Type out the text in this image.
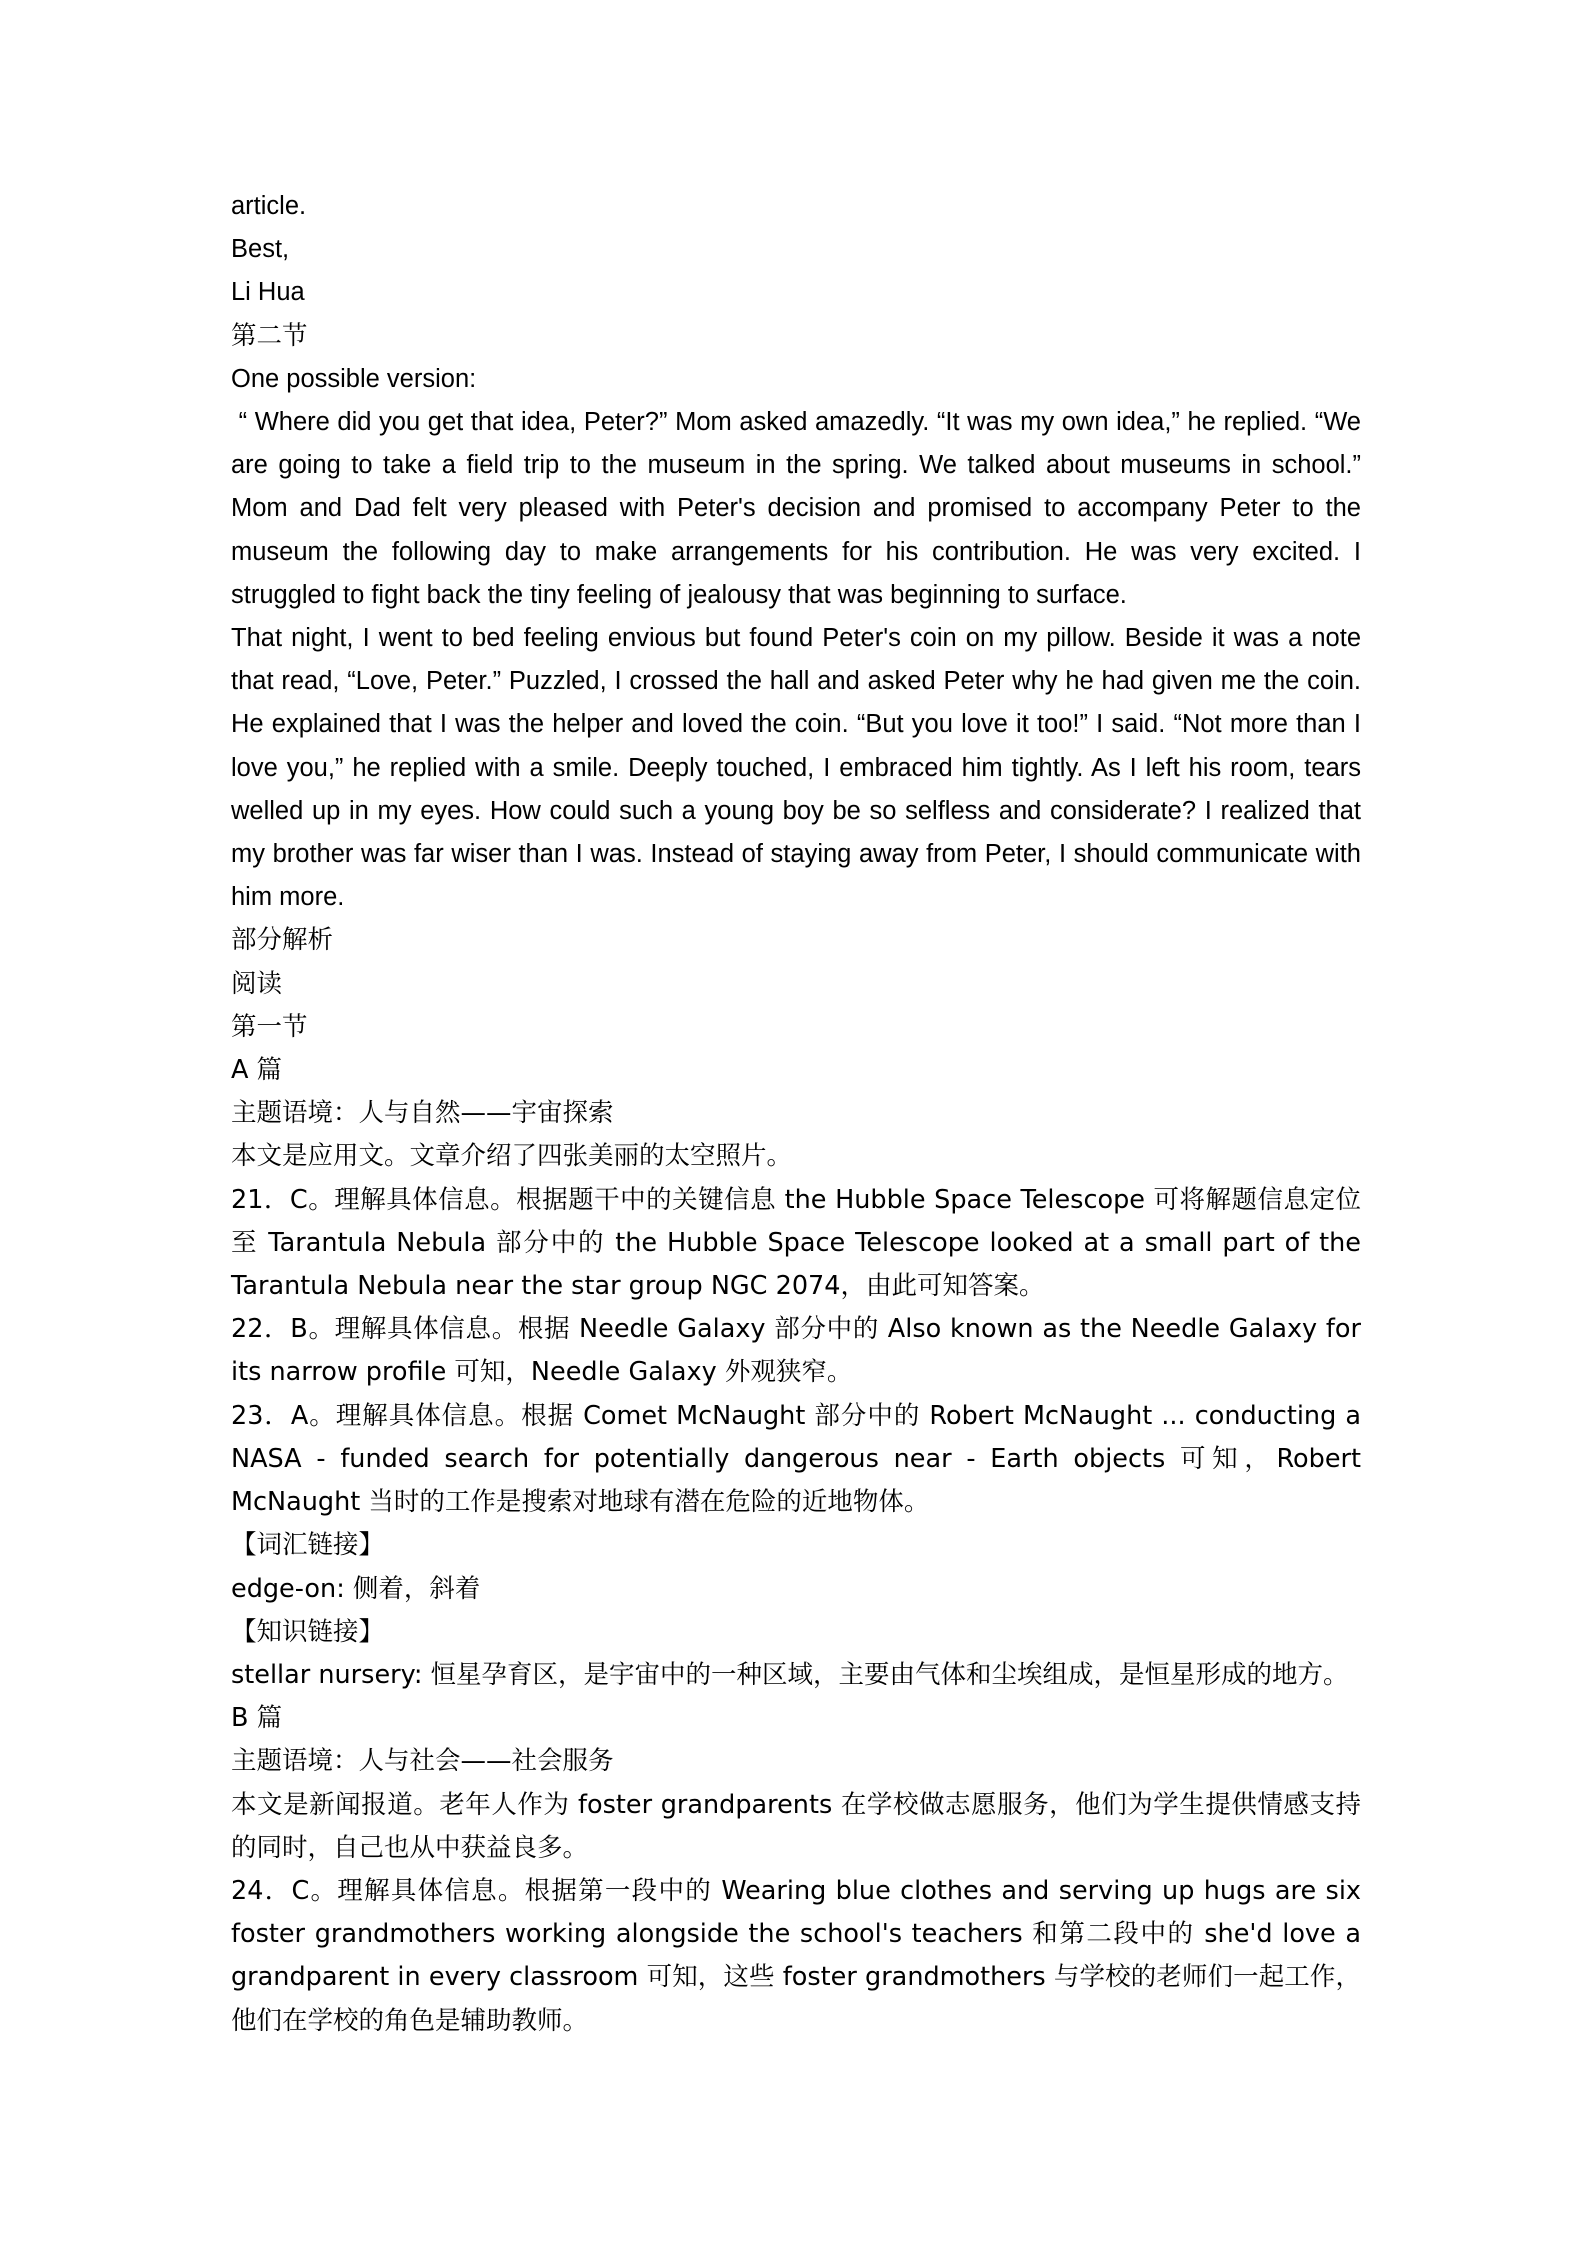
article.
Best,
Li Hua
第二节
One possible version:
“ Where did you get that idea, Peter?” Mom asked amazedly. “It was my own idea,” he replied. “We are going to take a field trip to the museum in the spring. We talked about museums in school.” Mom and Dad felt very pleased with Peter's decision and promised to accompany Peter to the museum the following day to make arrangements for his contribution. He was very excited. I struggled to fight back the tiny feeling of jealousy that was beginning to surface.
That night, I went to bed feeling envious but found Peter's coin on my pillow. Beside it was a note that read, “Love, Peter.” Puzzled, I crossed the hall and asked Peter why he had given me the coin. He explained that I was the helper and loved the coin. “But you love it too!” I said. “Not more than I love you,” he replied with a smile. Deeply touched, I embraced him tightly. As I left his room, tears welled up in my eyes. How could such a young boy be so selfless and considerate? I realized that my brother was far wiser than I was. Instead of staying away from Peter, I should communicate with him more.
部分解析
阅读
第一节
A 篇
主题语境：人与自然——宇宙探索
本文是应用文。文章介绍了四张美丽的太空照片。
21．C。理解具体信息。根据题干中的关键信息 the Hubble Space Telescope 可将解题信息定位至 Tarantula Nebula 部分中的 the Hubble Space Telescope looked at a small part of the Tarantula Nebula near the star group NGC 2074，由此可知答案。
22．B。理解具体信息。根据 Needle Galaxy 部分中的 Also known as the Needle Galaxy for its narrow profile 可知，Needle Galaxy 外观狭窄。
23．A。理解具体信息。根据 Comet McNaught 部分中的 Robert McNaught ... conducting a NASA - funded search for potentially dangerous near - Earth objects 可知，Robert McNaught 当时的工作是搜索对地球有潜在危险的近地物体。
【词汇链接】
edge-on: 侧着，斜着
【知识链接】
stellar nursery: 恒星孕育区，是宇宙中的一种区域，主要由气体和尘埃组成，是恒星形成的地方。
B 篇
主题语境：人与社会——社会服务
本文是新闻报道。老年人作为 foster grandparents 在学校做志愿服务，他们为学生提供情感支持的同时，自己也从中获益良多。
24．C。理解具体信息。根据第一段中的 Wearing blue clothes and serving up hugs are six foster grandmothers working alongside the school's teachers 和第二段中的 she'd love a grandparent in every classroom 可知，这些 foster grandmothers 与学校的老师们一起工作，他们在学校的角色是辅助教师。
